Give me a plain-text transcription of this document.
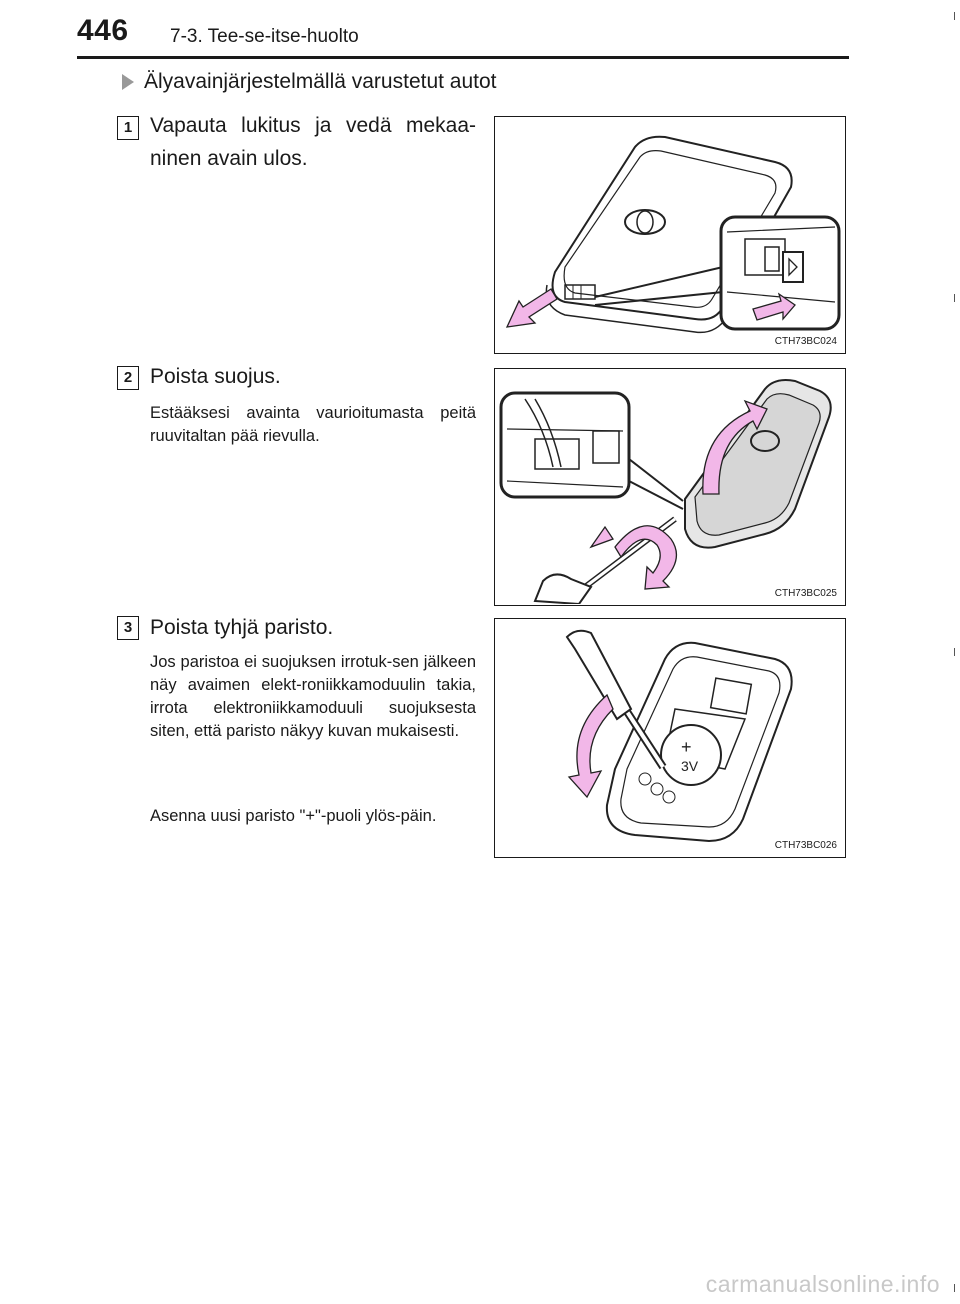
446 7-3. Tee-se-itse-huolto
Älyavainjärjestelmällä varustetut autot
1 Vapauta lukitus ja vedä mekaa-ninen avain ulos.
CTH73BC024
2 Poista suojus.
Estääksesi avainta vaurioitumasta peitä ruuvitaltan pää rievulla.
CTH73BC025
3 Poista tyhjä paristo.
Jos paristoa ei suojuksen irrotuk-sen jälkeen näy avaimen elekt-roniikkamoduulin takia, irrota elektroniikkamoduuli suojuksesta siten, että paristo näkyy kuvan mukaisesti.
Asenna uusi paristo "+"-puoli ylös-päin.
+
3V
CTH73BC026
carmanualsonline.info
